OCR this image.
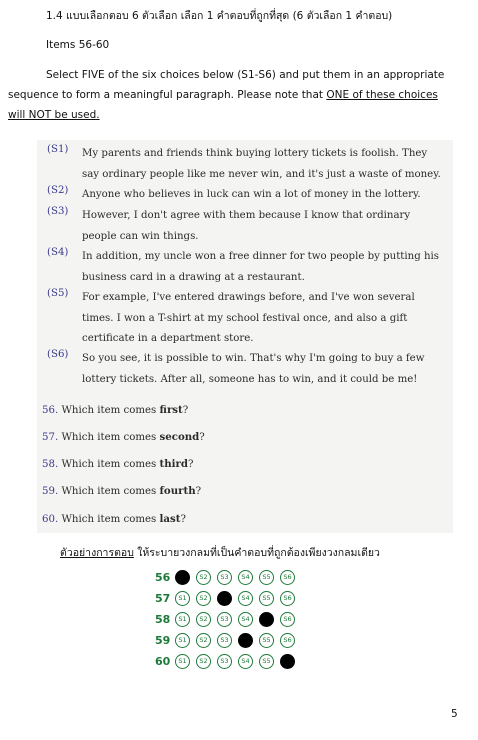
1.4 แบบเลือกตอบ 6 ตัวเลือก เลือก 1 คำตอบที่ถูกที่สุด (6 ตัวเลือก 1 คำตอบ)
Items 56-60
Select FIVE of the six choices below (S1-S6) and put them in an appropriate sequence to form a meaningful paragraph. Please note that ONE of these choices will NOT be used.
(S1) My parents and friends think buying lottery tickets is foolish. They say ordinary people like me never win, and it's just a waste of money.
(S2) Anyone who believes in luck can win a lot of money in the lottery.
(S3) However, I don't agree with them because I know that ordinary people can win things.
(S4) In addition, my uncle won a free dinner for two people by putting his business card in a drawing at a restaurant.
(S5) For example, I've entered drawings before, and I've won several times. I won a T-shirt at my school festival once, and also a gift certificate in a department store.
(S6) So you see, it is possible to win. That's why I'm going to buy a few lottery tickets. After all, someone has to win, and it could be me!
56. Which item comes first?
57. Which item comes second?
58. Which item comes third?
59. Which item comes fourth?
60. Which item comes last?
ตัวอย่างการตอบ ให้ระบายวงกลมที่เป็นคำตอบที่ถูกต้องเพียงวงกลมเดียว
56	S1	S2	S3	S4	S5	S6
57	S1	S2	S3	S4	S5	S6
58	S1	S2	S3	S4	S5	S6
59	S1	S2	S3	S4	S5	S6
60	S1	S2	S3	S4	S5	S6
5
